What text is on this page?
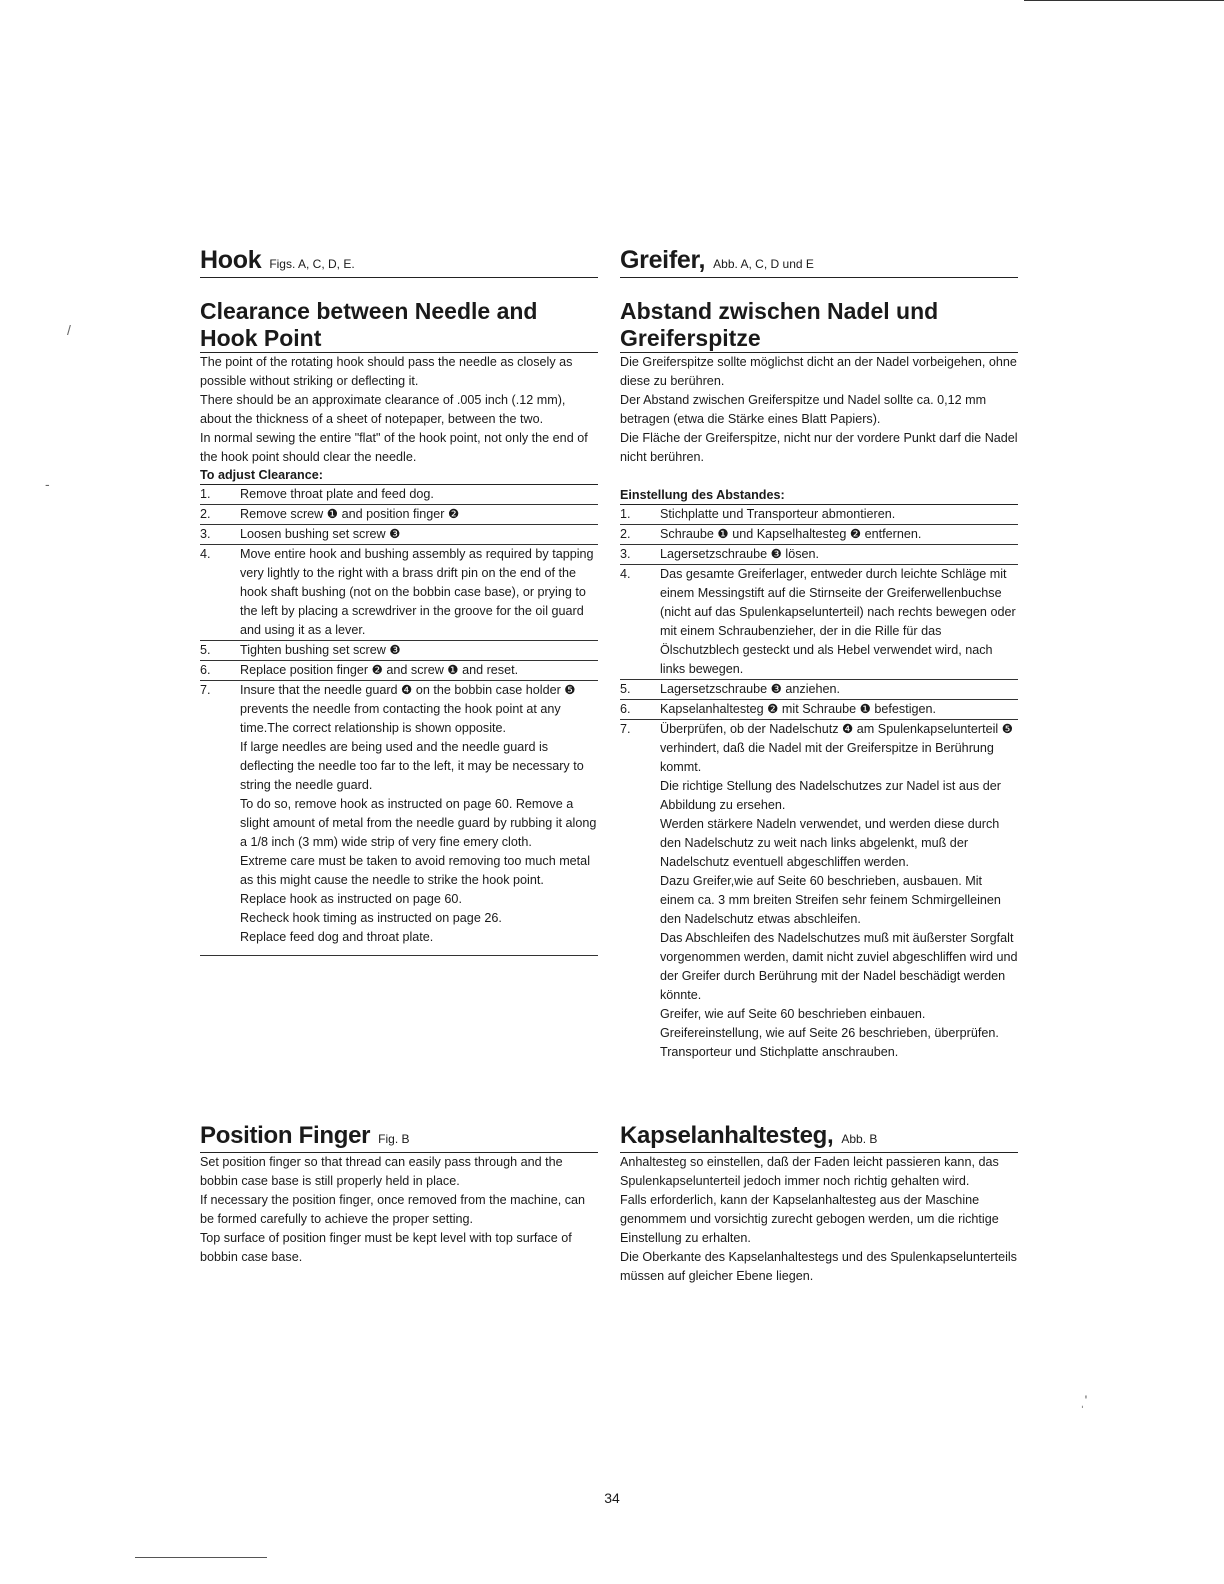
/
-
ˌ'
Hook Figs. A, C, D, E.
Clearance between Needle and Hook Point

The point of the rotating hook should pass the needle as closely as possible without striking or deflecting it.

There should be an approximate clearance of .005 inch (.12 mm), about the thickness of a sheet of notepaper, between the two.

In normal sewing the entire "flat" of the hook point, not only the end of the hook point should clear the needle.

To adjust Clearance:
1.	Remove throat plate and feed dog.

2.	Remove screw ❶ and position finger ❷

3.	Loosen bushing set screw ❸

4.	Move entire hook and bushing assembly as required by tapping very lightly to the right with a brass drift pin on the end of the hook shaft bushing (not on the bobbin case base), or prying to the left by placing a screwdriver in the groove for the oil guard and using it as a lever.

5.	Tighten bushing set screw ❸

6.	Replace position finger ❷ and screw ❶ and reset.

7.	Insure that the needle guard ❹ on the bobbin case holder ❺ prevents the needle from contacting the hook point at any time.The correct relationship is shown opposite.

If large needles are being used and the needle guard is deflecting the needle too far to the left, it may be necessary to string the needle guard.

To do so, remove hook as instructed on page 60. Remove a slight amount of metal from the needle guard by rubbing it along a 1/8 inch (3 mm) wide strip of very fine emery cloth.

Extreme care must be taken to avoid removing too much metal as this might cause the needle to strike the hook point.

Replace hook as instructed on page 60.

Recheck hook timing as instructed on page 26.

Replace feed dog and throat plate.

Position Finger Fig. B

Set position finger so that thread can easily pass through and the bobbin case base is still properly held in place.

If necessary the position finger, once removed from the machine, can be formed carefully to achieve the proper setting.

Top surface of position finger must be kept level with top surface of bobbin case base.

Greifer, Abb. A, C, D und E
Abstand zwischen Nadel und Greiferspitze

Die Greiferspitze sollte möglichst dicht an der Nadel vorbeigehen, ohne diese zu berühren.

Der Abstand zwischen Greiferspitze und Nadel sollte ca. 0,12 mm betragen (etwa die Stärke eines Blatt Papiers).

Die Fläche der Greiferspitze, nicht nur der vordere Punkt darf die Nadel nicht berühren.

Einstellung des Abstandes:
1.	Stichplatte und Transporteur abmontieren.

2.	Schraube ❶ und Kapselhaltesteg ❷ entfernen.

3.	Lagersetzschraube ❸ lösen.

4.	Das gesamte Greiferlager, entweder durch leichte Schläge mit einem Messingstift auf die Stirnseite der Greiferwellenbuchse (nicht auf das Spulenkapselunterteil) nach rechts bewegen oder mit einem Schraubenzieher, der in die Rille für das Ölschutzblech gesteckt und als Hebel verwendet wird, nach links bewegen.

5.	Lagersetzschraube ❸ anziehen.

6.	Kapselanhaltesteg ❷ mit Schraube ❶ befestigen.

7.	Überprüfen, ob der Nadelschutz ❹ am Spulenkapselunterteil ❺ verhindert, daß die Nadel mit der Greiferspitze in Berührung kommt.

Die richtige Stellung des Nadelschutzes zur Nadel ist aus der Abbildung zu ersehen.

Werden stärkere Nadeln verwendet, und werden diese durch den Nadelschutz zu weit nach links abgelenkt, muß der Nadelschutz eventuell abgeschliffen werden.

Dazu Greifer,wie auf Seite 60 beschrieben, ausbauen. Mit einem ca. 3 mm breiten Streifen sehr feinem Schmirgelleinen den Nadelschutz etwas abschleifen.

Das Abschleifen des Nadelschutzes muß mit äußerster Sorgfalt vorgenommen werden, damit nicht zuviel abgeschliffen wird und der Greifer durch Berührung mit der Nadel beschädigt werden könnte.

Greifer, wie auf Seite 60 beschrieben einbauen.

Greifereinstellung, wie auf Seite 26 beschrieben, überprüfen.

Transporteur und Stichplatte anschrauben.

Kapselanhaltesteg, Abb. B

Anhaltesteg so einstellen, daß der Faden leicht passieren kann, das Spulenkapselunterteil jedoch immer noch richtig gehalten wird.

Falls erforderlich, kann der Kapselanhaltesteg aus der Maschine genommem und vorsichtig zurecht gebogen werden, um die richtige Einstellung zu erhalten.

Die Oberkante des Kapselanhaltestegs und des Spulenkapselunterteils müssen auf gleicher Ebene liegen.

34
